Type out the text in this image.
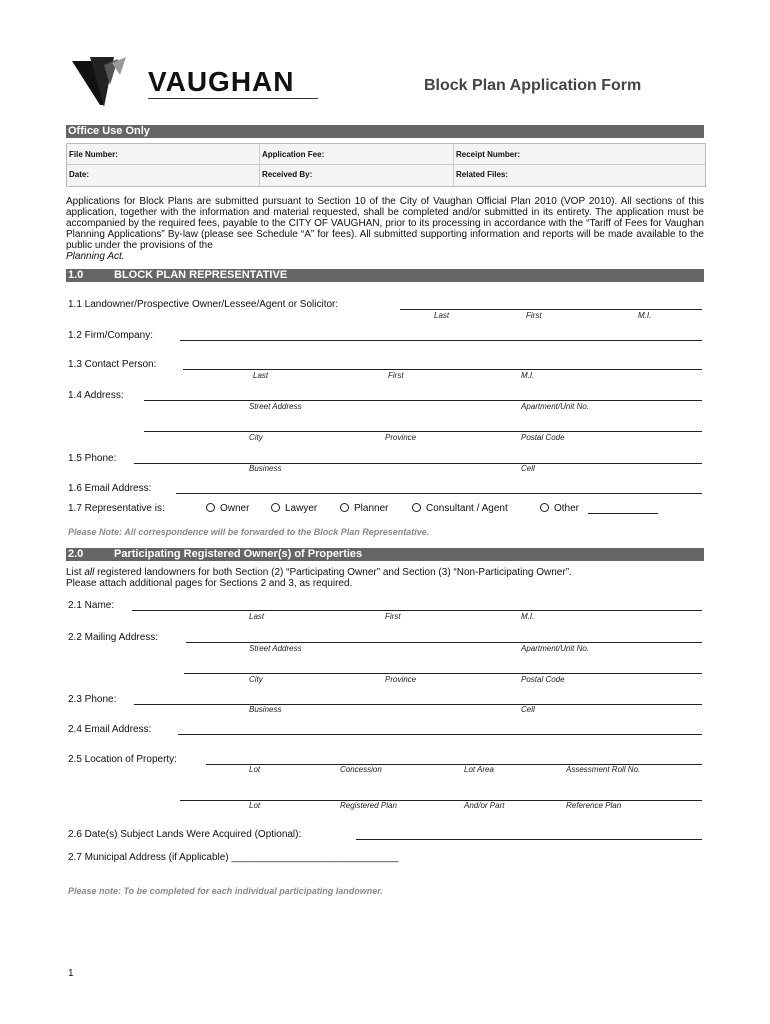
VAUGHAN	Block Plan Application Form
Office Use Only
File Number:	Application Fee:	Receipt Number:
Date:	Received By:	Related Files:
Applications for Block Plans are submitted pursuant to Section 10 of the City of Vaughan Official Plan 2010 (VOP 2010). All sections of this application, together with the information and material requested, shall be completed and/or submitted in its entirety. The application must be accompanied by the required fees, payable to the CITY OF VAUGHAN, prior to its processing in accordance with the “Tariff of Fees for Vaughan Planning Applications” By-law (please see Schedule “A” for fees). All submitted supporting information and reports will be made available to the public under the provisions of the
Planning Act.
1.0	BLOCK PLAN REPRESENTATIVE
1.1 Landowner/Prospective Owner/Lessee/Agent or Solicitor:
Last	First	M.I.
1.2 Firm/Company:
1.3 Contact Person:
Last	First	M.I.
1.4 Address:
Street Address	Apartment/Unit No.
City	Province	Postal Code
1.5 Phone:
Business	Cell
1.6 Email Address:
1.7 Representative is:	Owner	Lawyer	Planner	Consultant / Agent	Other
Please Note: All correspondence will be forwarded to the Block Plan Representative.
2.0	Participating Registered Owner(s) of Properties
List all registered landowners for both Section (2) “Participating Owner” and Section (3) “Non-Participating Owner”.
Please attach additional pages for Sections 2 and 3, as required.
2.1 Name:
Last	First	M.I.
2.2 Mailing Address:
Street Address	Apartment/Unit No.
City	Province	Postal Code
2.3 Phone:
Business	Cell
2.4 Email Address:
2.5 Location of Property:
Lot	Concession	Lot Area	Assessment Roll No.
Lot	Registered Plan	And/or Part	Reference Plan
2.6 Date(s) Subject Lands Were Acquired (Optional):
2.7 Municipal Address (if Applicable) ______________________________
Please note: To be completed for each individual participating landowner.
1
